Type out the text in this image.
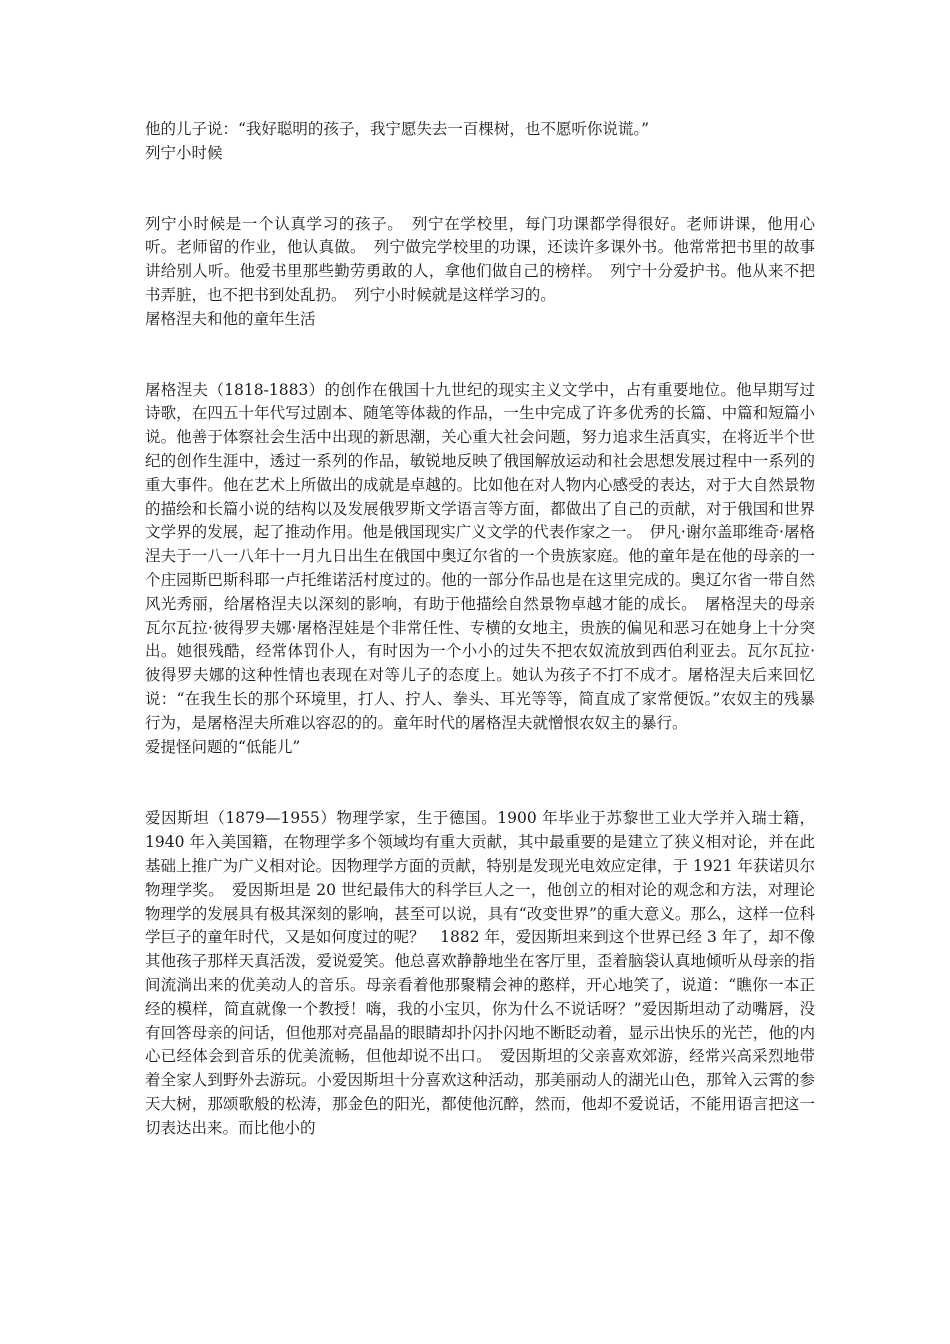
他的儿子说：“我好聪明的孩子，我宁愿失去一百棵树，也不愿听你说谎。”

列宁小时候

列宁小时候是一个认真学习的孩子。　列宁在学校里，每门功课都学得很好。老师讲课，他用心听。老师留的作业，他认真做。　列宁做完学校里的功课，还读许多课外书。他常常把书里的故事讲给别人听。他爱书里那些勤劳勇敢的人，拿他们做自己的榜样。　列宁十分爱护书。他从来不把书弄脏，也不把书到处乱扔。　列宁小时候就是这样学习的。

屠格涅夫和他的童年生活

屠格涅夫（1818-1883）的创作在俄国十九世纪的现实主义文学中，占有重要地位。他早期写过诗歌，在四五十年代写过剧本、随笔等体裁的作品，一生中完成了许多优秀的长篇、中篇和短篇小说。他善于体察社会生活中出现的新思潮，关心重大社会问题，努力追求生活真实，在将近半个世纪的创作生涯中，透过一系列的作品，敏锐地反映了俄国解放运动和社会思想发展过程中一系列的重大事件。他在艺术上所做出的成就是卓越的。比如他在对人物内心感受的表达，对于大自然景物的描绘和长篇小说的结构以及发展俄罗斯文学语言等方面，都做出了自己的贡献，对于俄国和世界文学界的发展，起了推动作用。他是俄国现实广义文学的代表作家之一。　伊凡·谢尔盖耶维奇·屠格涅夫于一八一八年十一月九日出生在俄国中奥辽尔省的一个贵族家庭。他的童年是在他的母亲的一个庄园斯巴斯科耶一卢托维诺活村度过的。他的一部分作品也是在这里完成的。奥辽尔省一带自然风光秀丽，给屠格涅夫以深刻的影响，有助于他描绘自然景物卓越才能的成长。　屠格涅夫的母亲瓦尔瓦拉·彼得罗夫娜·屠格涅娃是个非常任性、专横的女地主，贵族的偏见和恶习在她身上十分突出。她很残酷，经常体罚仆人，有时因为一个小小的过失不把农奴流放到西伯利亚去。瓦尔瓦拉·彼得罗夫娜的这种性情也表现在对等儿子的态度上。她认为孩子不打不成才。屠格涅夫后来回忆说：“在我生长的那个环境里，打人、拧人、拳头、耳光等等，简直成了家常便饭。”农奴主的残暴行为，是屠格涅夫所难以容忍的的。童年时代的屠格涅夫就憎恨农奴主的暴行。

爱提怪问题的“低能儿”

爱因斯坦（1879—1955）物理学家，生于德国。1900 年毕业于苏黎世工业大学并入瑞士籍，1940 年入美国籍，在物理学多个领域均有重大贡献，其中最重要的是建立了狭义相对论，并在此基础上推广为广义相对论。因物理学方面的贡献，特别是发现光电效应定律，于 1921 年获诺贝尔物理学奖。　爱因斯坦是 20 世纪最伟大的科学巨人之一，他创立的相对论的观念和方法，对理论物理学的发展具有极其深刻的影响，甚至可以说，具有“改变世界”的重大意义。那么，这样一位科学巨子的童年时代，又是如何度过的呢？　1882 年，爱因斯坦来到这个世界已经 3 年了，却不像其他孩子那样天真活泼，爱说爱笑。他总喜欢静静地坐在客厅里，歪着脑袋认真地倾听从母亲的指间流淌出来的优美动人的音乐。母亲看着他那聚精会神的憨样，开心地笑了，说道：“瞧你一本正经的模样，简直就像一个教授！嗨，我的小宝贝，你为什么不说话呀？”爱因斯坦动了动嘴唇，没有回答母亲的问话，但他那对亮晶晶的眼睛却扑闪扑闪地不断眨动着，显示出快乐的光芒，他的内心已经体会到音乐的优美流畅，但他却说不出口。　爱因斯坦的父亲喜欢郊游，经常兴高采烈地带着全家人到野外去游玩。小爱因斯坦十分喜欢这种活动，那美丽动人的湖光山色，那耸入云霄的参天大树，那颂歌般的松涛，那金色的阳光，都使他沉醉，然而，他却不爱说话，不能用语言把这一切表达出来。而比他小的
